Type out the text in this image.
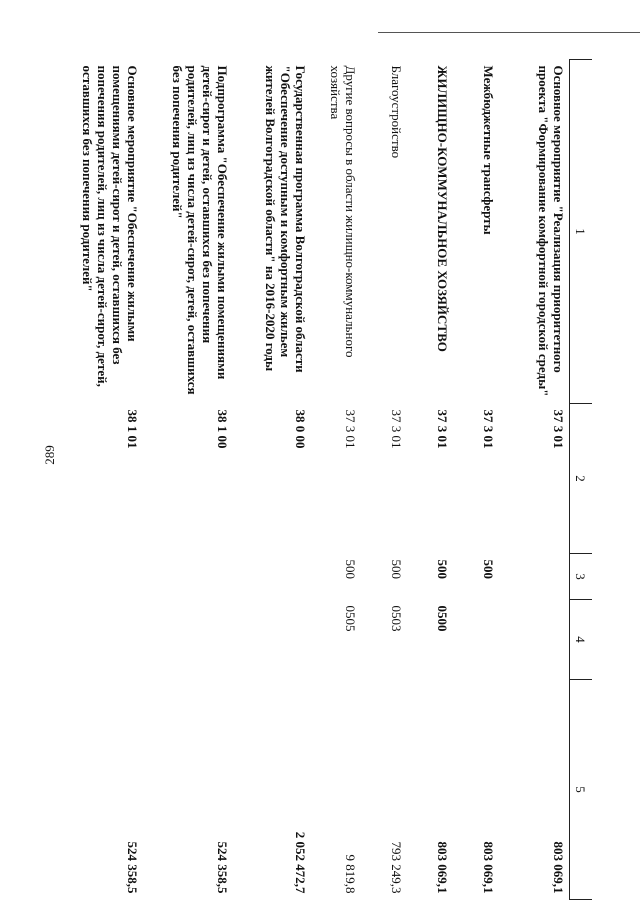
289
1	2	3	4	5
Основное мероприятие "Реализация приоритетного проекта "Формирование комфортной городской среды"	37 3 01			803 069,1
Межбюджетные трансферты	37 3 01	500		803 069,1
ЖИЛИЩНО-КОММУНАЛЬНОЕ ХОЗЯЙСТВО	37 3 01	500	0500	803 069,1
Благоустройство	37 3 01	500	0503	793 249,3
Другие вопросы в области жилищно-коммунального хозяйства	37 3 01	500	0505	9 819,8
Государственная программа Волгоградской области "Обеспечение доступным и комфортным жильем жителей Волгоградской области" на 2016-2020 годы	38 0 00			2 052 472,7
Подпрограмма "Обеспечение жилыми помещениями детей-сирот и детей, оставшихся без попечения родителей, лиц из числа детей-сирот, детей, оставшихся без попечения родителей"	38 1 00			524 358,5
Основное мероприятие "Обеспечение жилыми помещениями детей-сирот и детей, оставшихся без попечения родителей, лиц из числа детей-сирот, детей, оставшихся без попечения родителей"	38 1 01			524 358,5
